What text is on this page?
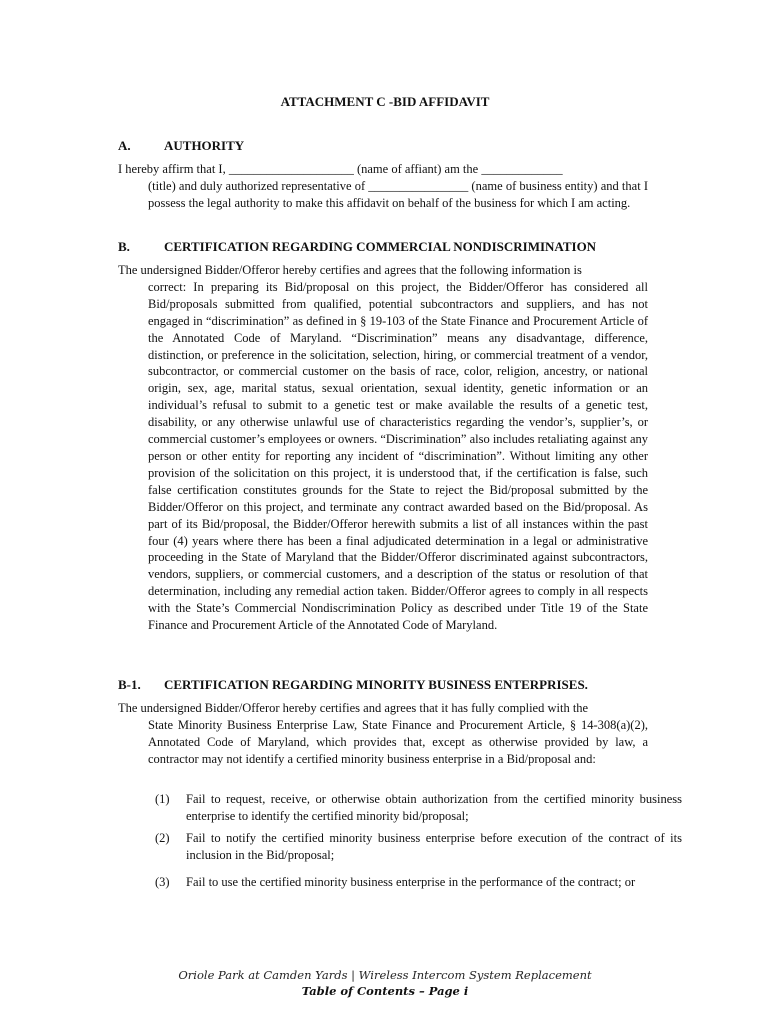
ATTACHMENT C -BID AFFIDAVIT
A.	AUTHORITY
I hereby affirm that I, ____________________ (name of affiant) am the _____________
(title) and duly authorized representative of ________________ (name of business entity) and that I possess the legal authority to make this affidavit on behalf of the business for which I am acting.
B.	CERTIFICATION REGARDING COMMERCIAL NONDISCRIMINATION
The undersigned Bidder/Offeror hereby certifies and agrees that the following information is
correct: In preparing its Bid/proposal on this project, the Bidder/Offeror has considered all Bid/proposals submitted from qualified, potential subcontractors and suppliers, and has not engaged in “discrimination” as defined in § 19-103 of the State Finance and Procurement Article of the Annotated Code of Maryland. “Discrimination” means any disadvantage, difference, distinction, or preference in the solicitation, selection, hiring, or commercial treatment of a vendor, subcontractor, or commercial customer on the basis of race, color, religion, ancestry, or national origin, sex, age, marital status, sexual orientation, sexual identity, genetic information or an individual’s refusal to submit to a genetic test or make available the results of a genetic test, disability, or any otherwise unlawful use of characteristics regarding the vendor’s, supplier’s, or commercial customer’s employees or owners. “Discrimination” also includes retaliating against any person or other entity for reporting any incident of “discrimination”. Without limiting any other provision of the solicitation on this project, it is understood that, if the certification is false, such false certification constitutes grounds for the State to reject the Bid/proposal submitted by the Bidder/Offeror on this project, and terminate any contract awarded based on the Bid/proposal. As part of its Bid/proposal, the Bidder/Offeror herewith submits a list of all instances within the past four (4) years where there has been a final adjudicated determination in a legal or administrative proceeding in the State of Maryland that the Bidder/Offeror discriminated against subcontractors, vendors, suppliers, or commercial customers, and a description of the status or resolution of that determination, including any remedial action taken. Bidder/Offeror agrees to comply in all respects with the State’s Commercial Nondiscrimination Policy as described under Title 19 of the State Finance and Procurement Article of the Annotated Code of Maryland.
B-1. CERTIFICATION REGARDING MINORITY BUSINESS ENTERPRISES.
The undersigned Bidder/Offeror hereby certifies and agrees that it has fully complied with the
State Minority Business Enterprise Law, State Finance and Procurement Article, § 14-308(a)(2), Annotated Code of Maryland, which provides that, except as otherwise provided by law, a contractor may not identify a certified minority business enterprise in a Bid/proposal and:
(1)	Fail to request, receive, or otherwise obtain authorization from the certified minority business enterprise to identify the certified minority bid/proposal;
(2)	Fail to notify the certified minority business enterprise before execution of the contract of its inclusion in the Bid/proposal;
(3)	Fail to use the certified minority business enterprise in the performance of the contract; or
Oriole Park at Camden Yards | Wireless Intercom System Replacement
Table of Contents – Page i
